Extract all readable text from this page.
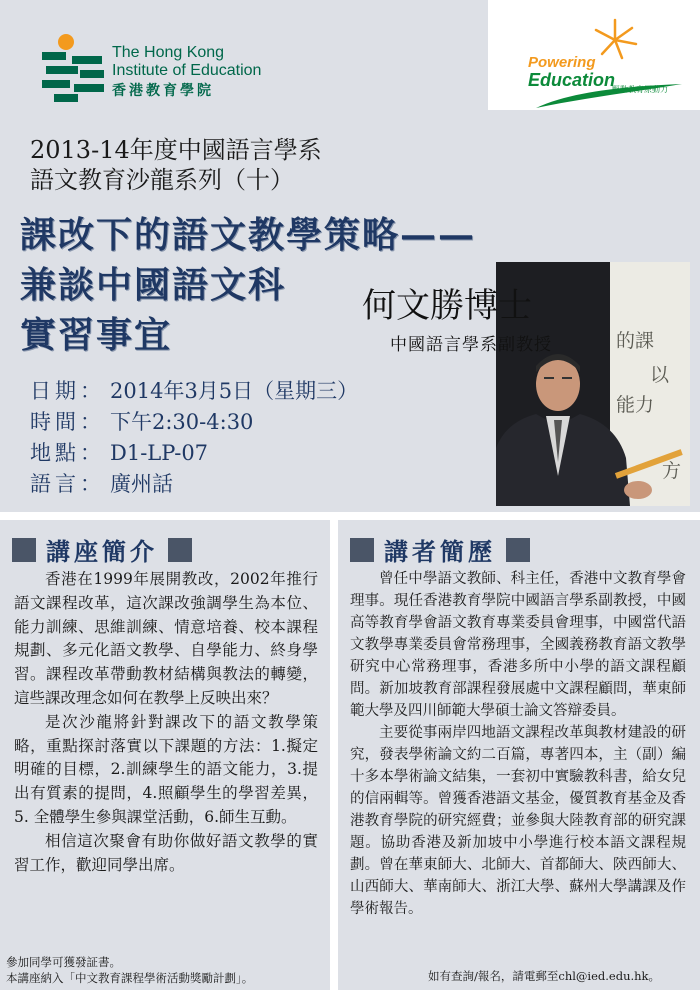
The Hong Kong
Institute of Education
香港教育學院
Powering
Education
驅動教育原動力
2013-14年度中國語言學系
語文教育沙龍系列（十）
課改下的語文教學策略——
兼談中國語文科
實習事宜	的課
以
能力
方
何文勝博士
中國語言學系副教授
日期： 2014年3月5日（星期三）
時間： 下午2:30-4:30
地點： D1-LP-07
語言： 廣州話
講座簡介

香港在1999年展開教改，2002年推行語文課程改革，這次課改強調學生為本位、能力訓練、思維訓練、情意培養、校本課程規劃、多元化語文教學、自學能力、終身學習。課程改革帶動教材結構與教法的轉變，這些課改理念如何在教學上反映出來？

是次沙龍將針對課改下的語文教學策略，重點探討落實以下課題的方法：1.擬定明確的目標，2.訓練學生的語文能力，3.提出有質素的提問，4.照顧學生的學習差異，5. 全體學生參與課堂活動，6.師生互動。

相信這次聚會有助你做好語文教學的實習工作，歡迎同學出席。

講者簡歷

曾任中學語文教師、科主任，香港中文教育學會理事。現任香港教育學院中國語言學系副教授，中國高等教育學會語文教育專業委員會理事，中國當代語文教學專業委員會常務理事，全國義務教育語文教學研究中心常務理事，香港多所中小學的語文課程顧問。新加坡教育部課程發展處中文課程顧問，華東師範大學及四川師範大學碩士論文答辯委員。

主要從事兩岸四地語文課程改革與教材建設的研究，發表學術論文約二百篇，專著四本，主（副）編十多本學術論文結集，一套初中實驗教科書，給女兒的信兩輯等。曾獲香港語文基金，優質教育基金及香港教育學院的研究經費；並參與大陸教育部的研究課題。協助香港及新加坡中小學進行校本語文課程規劃。曾在華東師大、北師大、首都師大、陝西師大、山西師大、華南師大、浙江大學、蘇州大學講課及作學術報告。

參加同學可獲發証書。
本講座納入「中文教育課程學術活動獎勵計劃」。	如有查詢/報名，請電郵至chl@ied.edu.hk。
